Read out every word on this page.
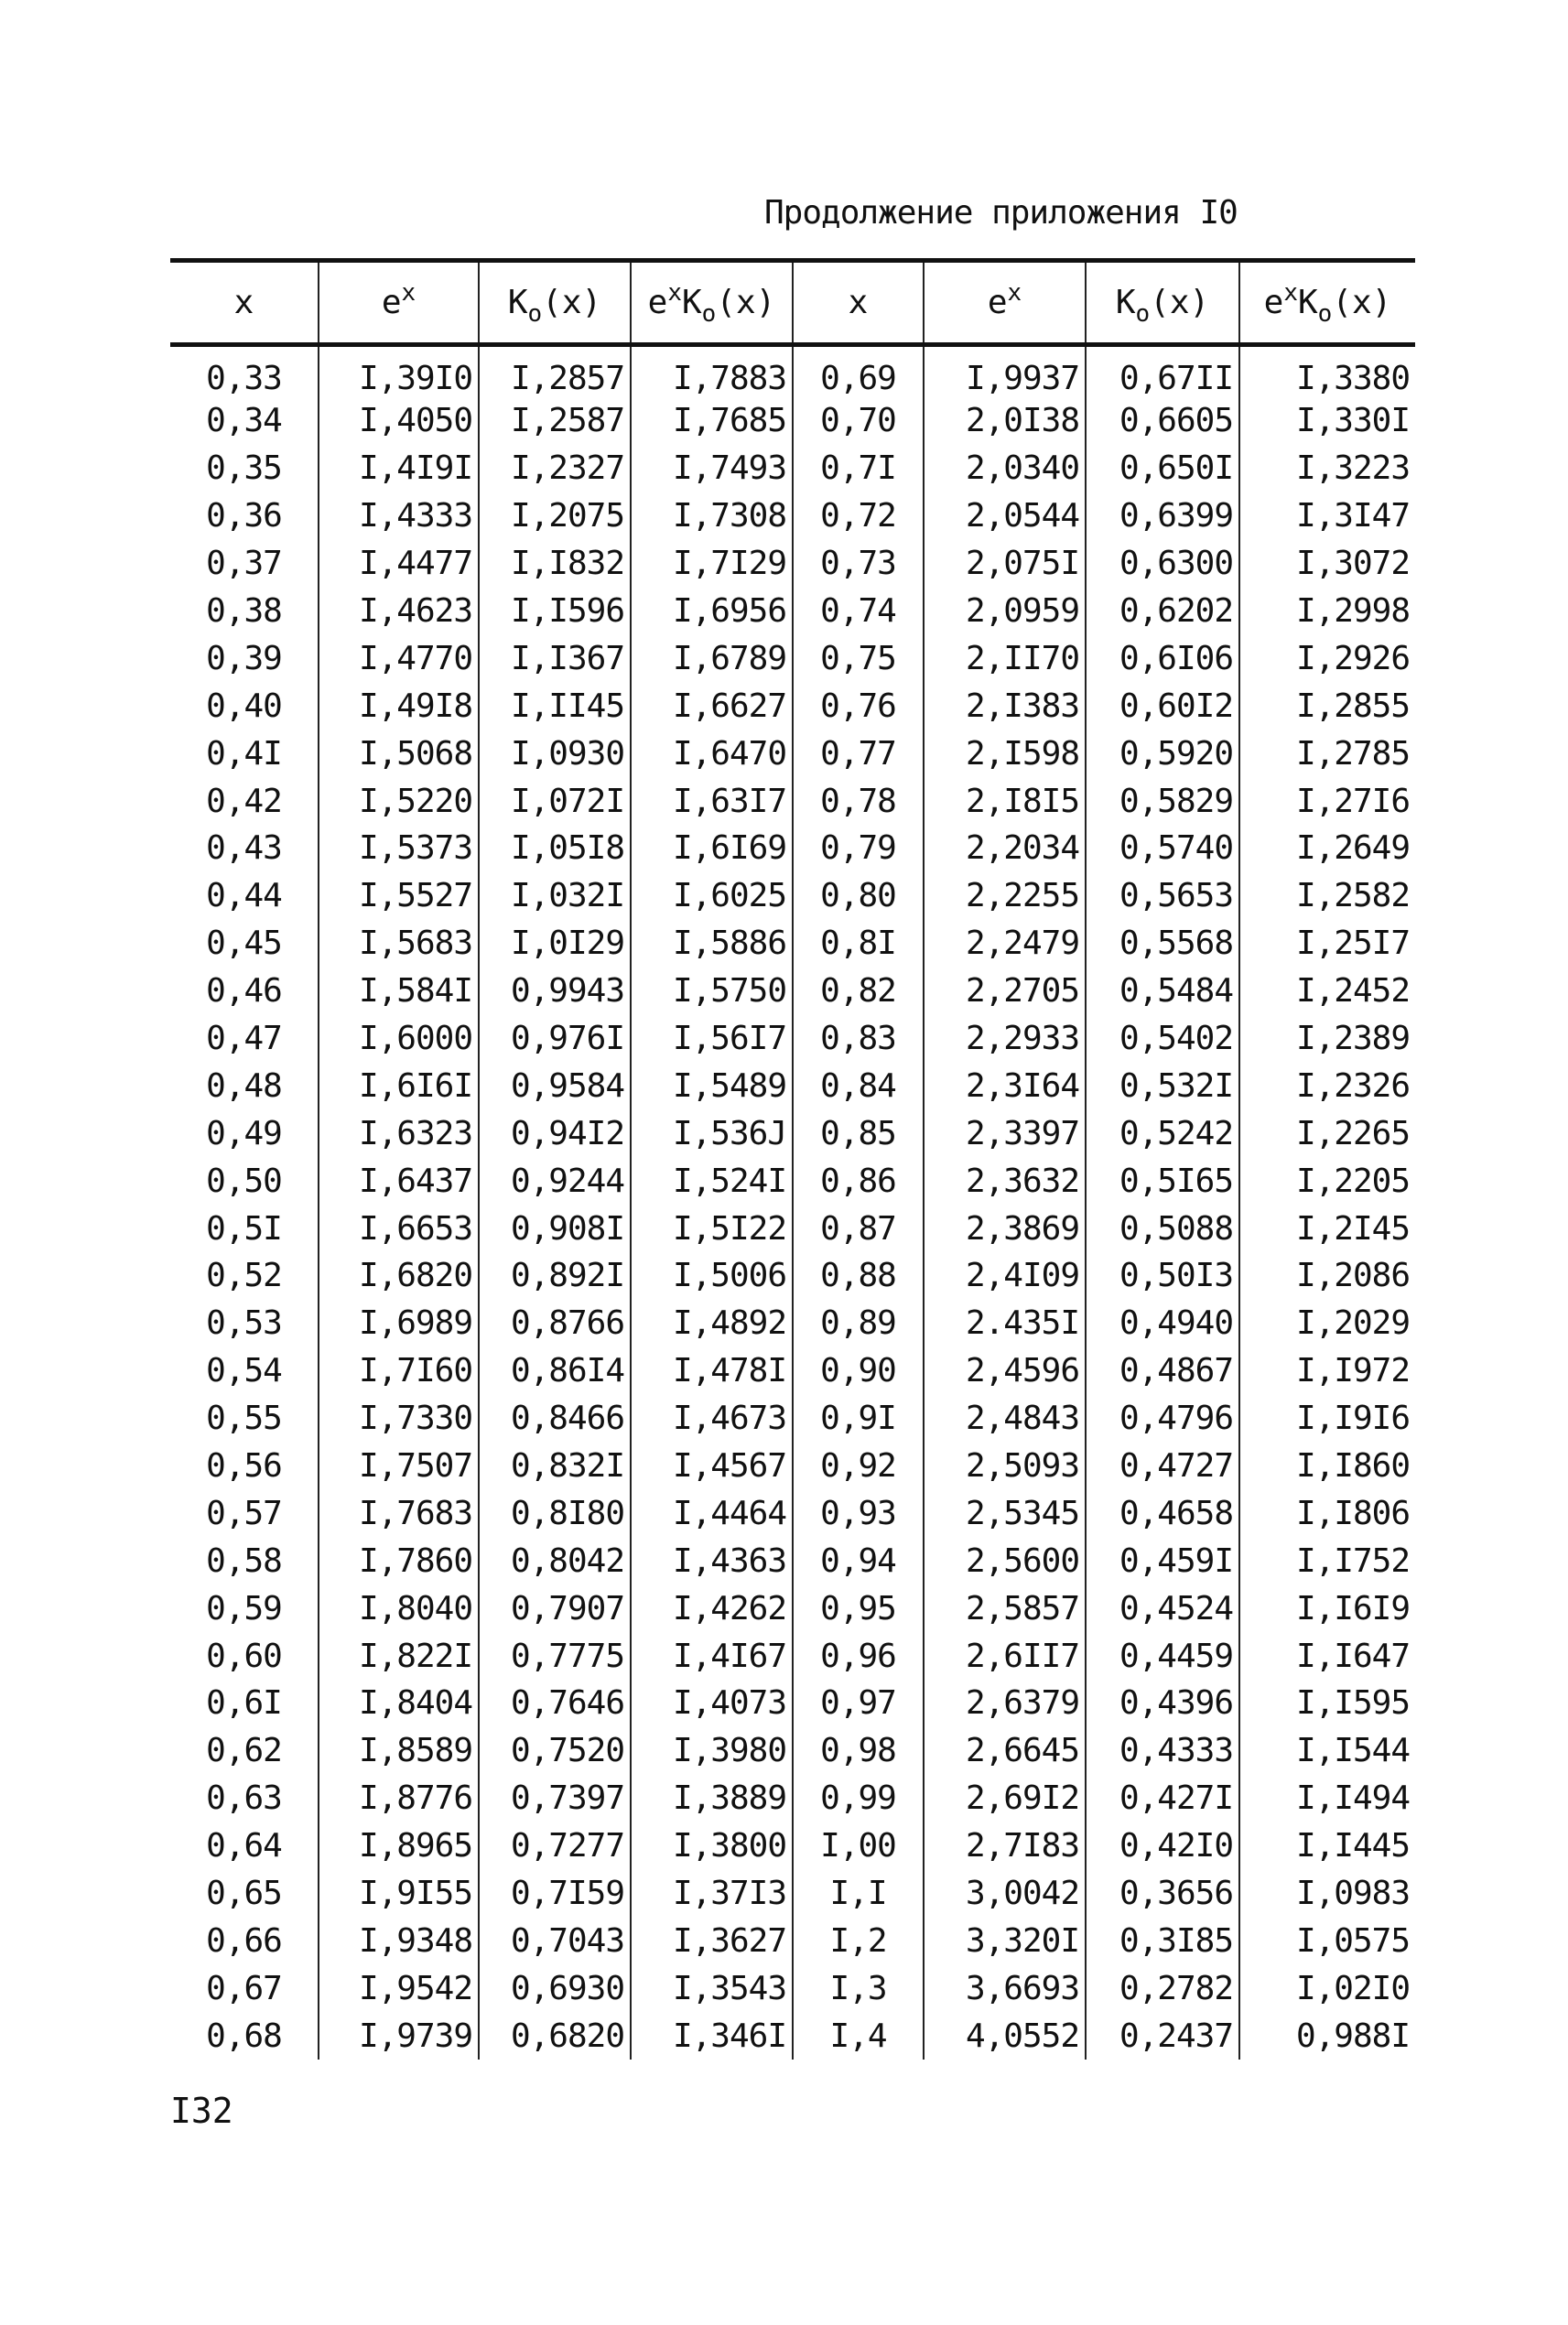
Продолжение приложения I0
x	$e^x$	$K_o(x)$	$e^xK_o(x)$	x	$e^x$	$K_o(x)$	$e^xK_o(x)$
0,33	I,39I0	I,2857	I,7883	0,69	I,9937	0,67II	I,3380
0,34	I,4050	I,2587	I,7685	0,70	2,0I38	0,6605	I,330I
0,35	I,4I9I	I,2327	I,7493	0,7I	2,0340	0,650I	I,3223
0,36	I,4333	I,2075	I,7308	0,72	2,0544	0,6399	I,3I47
0,37	I,4477	I,I832	I,7I29	0,73	2,075I	0,6300	I,3072
0,38	I,4623	I,I596	I,6956	0,74	2,0959	0,6202	I,2998
0,39	I,4770	I,I367	I,6789	0,75	2,II70	0,6I06	I,2926
0,40	I,49I8	I,II45	I,6627	0,76	2,I383	0,60I2	I,2855
0,4I	I,5068	I,0930	I,6470	0,77	2,I598	0,5920	I,2785
0,42	I,5220	I,072I	I,63I7	0,78	2,I8I5	0,5829	I,27I6
0,43	I,5373	I,05I8	I,6I69	0,79	2,2034	0,5740	I,2649
0,44	I,5527	I,032I	I,6025	0,80	2,2255	0,5653	I,2582
0,45	I,5683	I,0I29	I,5886	0,8I	2,2479	0,5568	I,25I7
0,46	I,584I	0,9943	I,5750	0,82	2,2705	0,5484	I,2452
0,47	I,6000	0,976I	I,56I7	0,83	2,2933	0,5402	I,2389
0,48	I,6I6I	0,9584	I,5489	0,84	2,3I64	0,532I	I,2326
0,49	I,6323	0,94I2	I,536J	0,85	2,3397	0,5242	I,2265
0,50	I,6437	0,9244	I,524I	0,86	2,3632	0,5I65	I,2205
0,5I	I,6653	0,908I	I,5I22	0,87	2,3869	0,5088	I,2I45
0,52	I,6820	0,892I	I,5006	0,88	2,4I09	0,50I3	I,2086
0,53	I,6989	0,8766	I,4892	0,89	2.435I	0,4940	I,2029
0,54	I,7I60	0,86I4	I,478I	0,90	2,4596	0,4867	I,I972
0,55	I,7330	0,8466	I,4673	0,9I	2,4843	0,4796	I,I9I6
0,56	I,7507	0,832I	I,4567	0,92	2,5093	0,4727	I,I860
0,57	I,7683	0,8I80	I,4464	0,93	2,5345	0,4658	I,I806
0,58	I,7860	0,8042	I,4363	0,94	2,5600	0,459I	I,I752
0,59	I,8040	0,7907	I,4262	0,95	2,5857	0,4524	I,I6I9
0,60	I,822I	0,7775	I,4I67	0,96	2,6II7	0,4459	I,I647
0,6I	I,8404	0,7646	I,4073	0,97	2,6379	0,4396	I,I595
0,62	I,8589	0,7520	I,3980	0,98	2,6645	0,4333	I,I544
0,63	I,8776	0,7397	I,3889	0,99	2,69I2	0,427I	I,I494
0,64	I,8965	0,7277	I,3800	I,00	2,7I83	0,42I0	I,I445
0,65	I,9I55	0,7I59	I,37I3	I,I	3,0042	0,3656	I,0983
0,66	I,9348	0,7043	I,3627	I,2	3,320I	0,3I85	I,0575
0,67	I,9542	0,6930	I,3543	I,3	3,6693	0,2782	I,02I0
0,68	I,9739	0,6820	I,346I	I,4	4,0552	0,2437	0,988I
I32
